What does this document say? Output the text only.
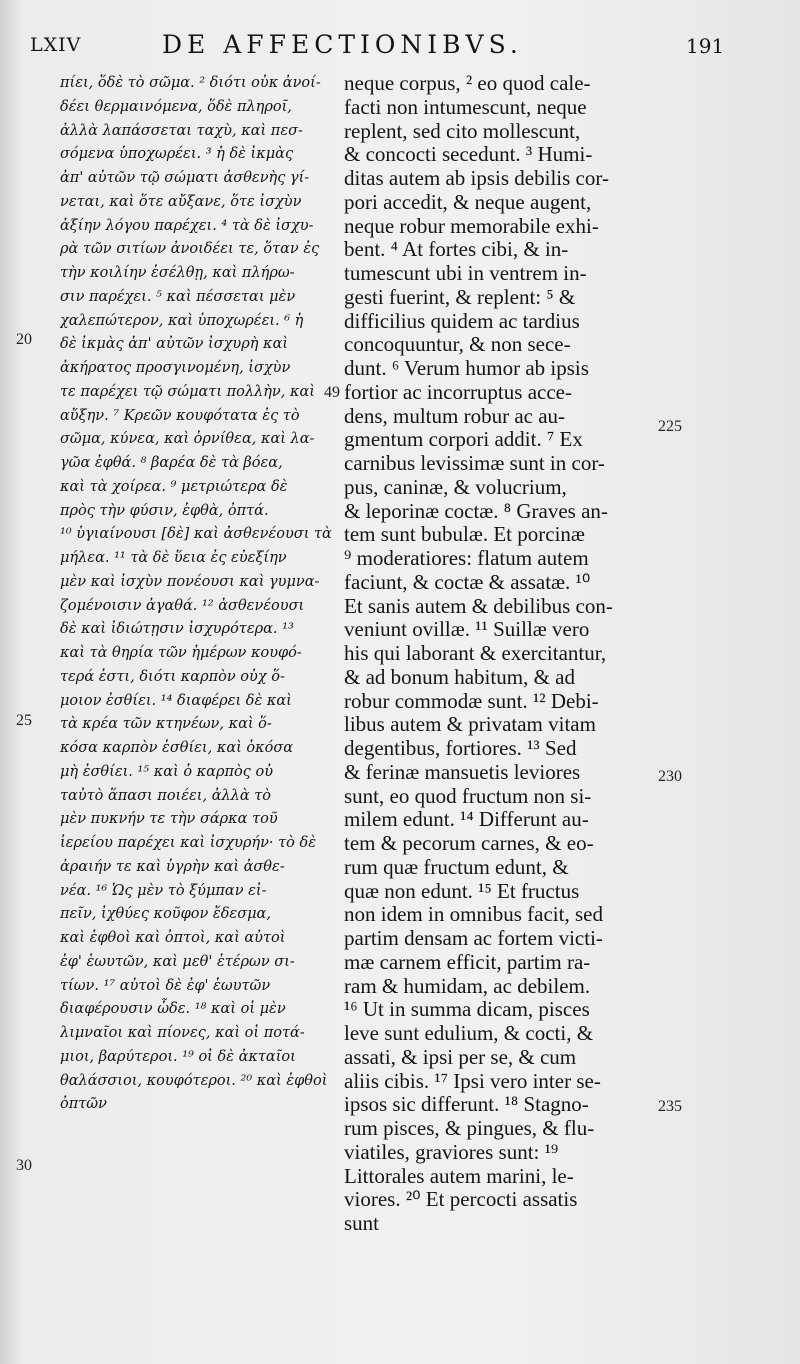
LXIV	DE AFFECTIONIBVS.	191
πίει, ὅδὲ τὸ σῶμα. ² διότι οὐκ ἀνοί-
δέει θερμαινόμενα, ὅδὲ πληροῖ,
ἀλλὰ λαπάσσεται ταχὺ, καὶ πεσ-
σόμενα ὑποχωρέει. ³ ἡ δὲ ἰκμὰς
ἀπ' αὐτῶν τῷ σώματι ἀσθενὴς γί-
νεται, καὶ ὅτε αὔξανε, ὅτε ἰσχὺν
ἀξίην λόγου παρέχει. ⁴ τὰ δὲ ἰσχυ-
ρὰ τῶν σιτίων ἀνοιδέει τε, ὅταν ἐς
τὴν κοιλίην ἐσέλθῃ, καὶ πλήρω-
σιν παρέχει. ⁵ καὶ πέσσεται μὲν
χαλεπώτερον, καὶ ὑποχωρέει. ⁶ ἡ
δὲ ἰκμὰς ἀπ' αὐτῶν ἰσχυρὴ καὶ
ἀκήρατος προσγινομένη, ἰσχὺν
τε παρέχει τῷ σώματι πολλὴν, καὶ
αὔξην. ⁷ Κρεῶν κουφότατα ἐς τὸ
σῶμα, κύνεα, καὶ ὀρνίθεα, καὶ λα-
γῶα ἑφθά. ⁸ βαρέα δὲ τὰ βόεα,
καὶ τὰ χοίρεα. ⁹ μετριώτερα δὲ
πρὸς τὴν φύσιν, ἑφθὰ, ὀπτά.
¹⁰ ὑγιαίνουσι [δὲ] καὶ ἀσθενέουσι τὰ
μήλεα. ¹¹ τὰ δὲ ὕεια ἐς εὐεξίην
μὲν καὶ ἰσχὺν πονέουσι καὶ γυμνα-
ζομένοισιν ἀγαθά. ¹² ἀσθενέουσι
δὲ καὶ ἰδιώτῃσιν ἰσχυρότερα. ¹³
καὶ τὰ θηρία τῶν ἡμέρων κουφό-
τερά ἐστι, διότι καρπὸν οὐχ ὅ-
μοιον ἐσθίει. ¹⁴ διαφέρει δὲ καὶ
τὰ κρέα τῶν κτηνέων, καὶ ὅ-
κόσα καρπὸν ἐσθίει, καὶ ὁκόσα
μὴ ἐσθίει. ¹⁵ καὶ ὁ καρπὸς οὐ
ταὐτὸ ἅπασι ποιέει, ἀλλὰ τὸ
μὲν πυκνήν τε τὴν σάρκα τοῦ
ἱερείου παρέχει καὶ ἰσχυρήν· τὸ δὲ
ἀραιήν τε καὶ ὑγρὴν καὶ ἀσθε-
νέα. ¹⁶ Ὡς μὲν τὸ ξύμπαν εἰ-
πεῖν, ἰχθύες κοῦφον ἔδεσμα,
καὶ ἑφθοὶ καὶ ὀπτοὶ, καὶ αὐτοὶ
ἐφ' ἑωυτῶν, καὶ μεθ' ἑτέρων σι-
τίων. ¹⁷ αὐτοὶ δὲ ἐφ' ἑωυτῶν
διαφέρουσιν ὧδε. ¹⁸ καὶ οἱ μὲν
λιμναῖοι καὶ πίονες, καὶ οἱ ποτά-
μιοι, βαρύτεροι. ¹⁹ οἱ δὲ ἀκταῖοι
θαλάσσιοι, κουφότεροι. ²⁰ καὶ ἑφθοὶ
ὀπτῶν
neque corpus, ² eo quod cale-
facti non intumescunt, neque
replent, sed cito mollescunt,
& concocti secedunt. ³ Humi-
ditas autem ab ipsis debilis cor-
pori accedit, & neque augent,
neque robur memorabile exhi-
bent. ⁴ At fortes cibi, & in-
tumescunt ubi in ventrem in-
gesti fuerint, & replent: ⁵ &
difficilius quidem ac tardius
concoquuntur, & non sece-
dunt. ⁶ Verum humor ab ipsis
fortior ac incorruptus acce-
dens, multum robur ac au-
gmentum corpori addit. ⁷ Ex
carnibus levissimæ sunt in cor-
pus, caninæ, & volucrium,
& leporinæ coctæ. ⁸ Graves an-
tem sunt bubulæ. Et porcinæ
⁹ moderatiores: flatum autem
faciunt, & coctæ & assatæ. ¹⁰
Et sanis autem & debilibus con-
veniunt ovillæ. ¹¹ Suillæ vero
his qui laborant & exercitantur,
& ad bonum habitum, & ad
robur commodæ sunt. ¹² Debi-
libus autem & privatam vitam
degentibus, fortiores. ¹³ Sed
& ferinæ mansuetis leviores
sunt, eo quod fructum non si-
milem edunt. ¹⁴ Differunt au-
tem & pecorum carnes, & eo-
rum quæ fructum edunt, &
quæ non edunt. ¹⁵ Et fructus
non idem in omnibus facit, sed
partim densam ac fortem victi-
mæ carnem efficit, partim ra-
ram & humidam, ac debilem.
¹⁶ Ut in summa dicam, pisces
leve sunt edulium, & cocti, &
assati, & ipsi per se, & cum
aliis cibis. ¹⁷ Ipsi vero inter se-
ipsos sic differunt. ¹⁸ Stagno-
rum pisces, & pingues, & flu-
viatiles, graviores sunt: ¹⁹
Littorales autem marini, le-
viores. ²⁰ Et percocti assatis
sunt
20
49
225
25
230
235
30
